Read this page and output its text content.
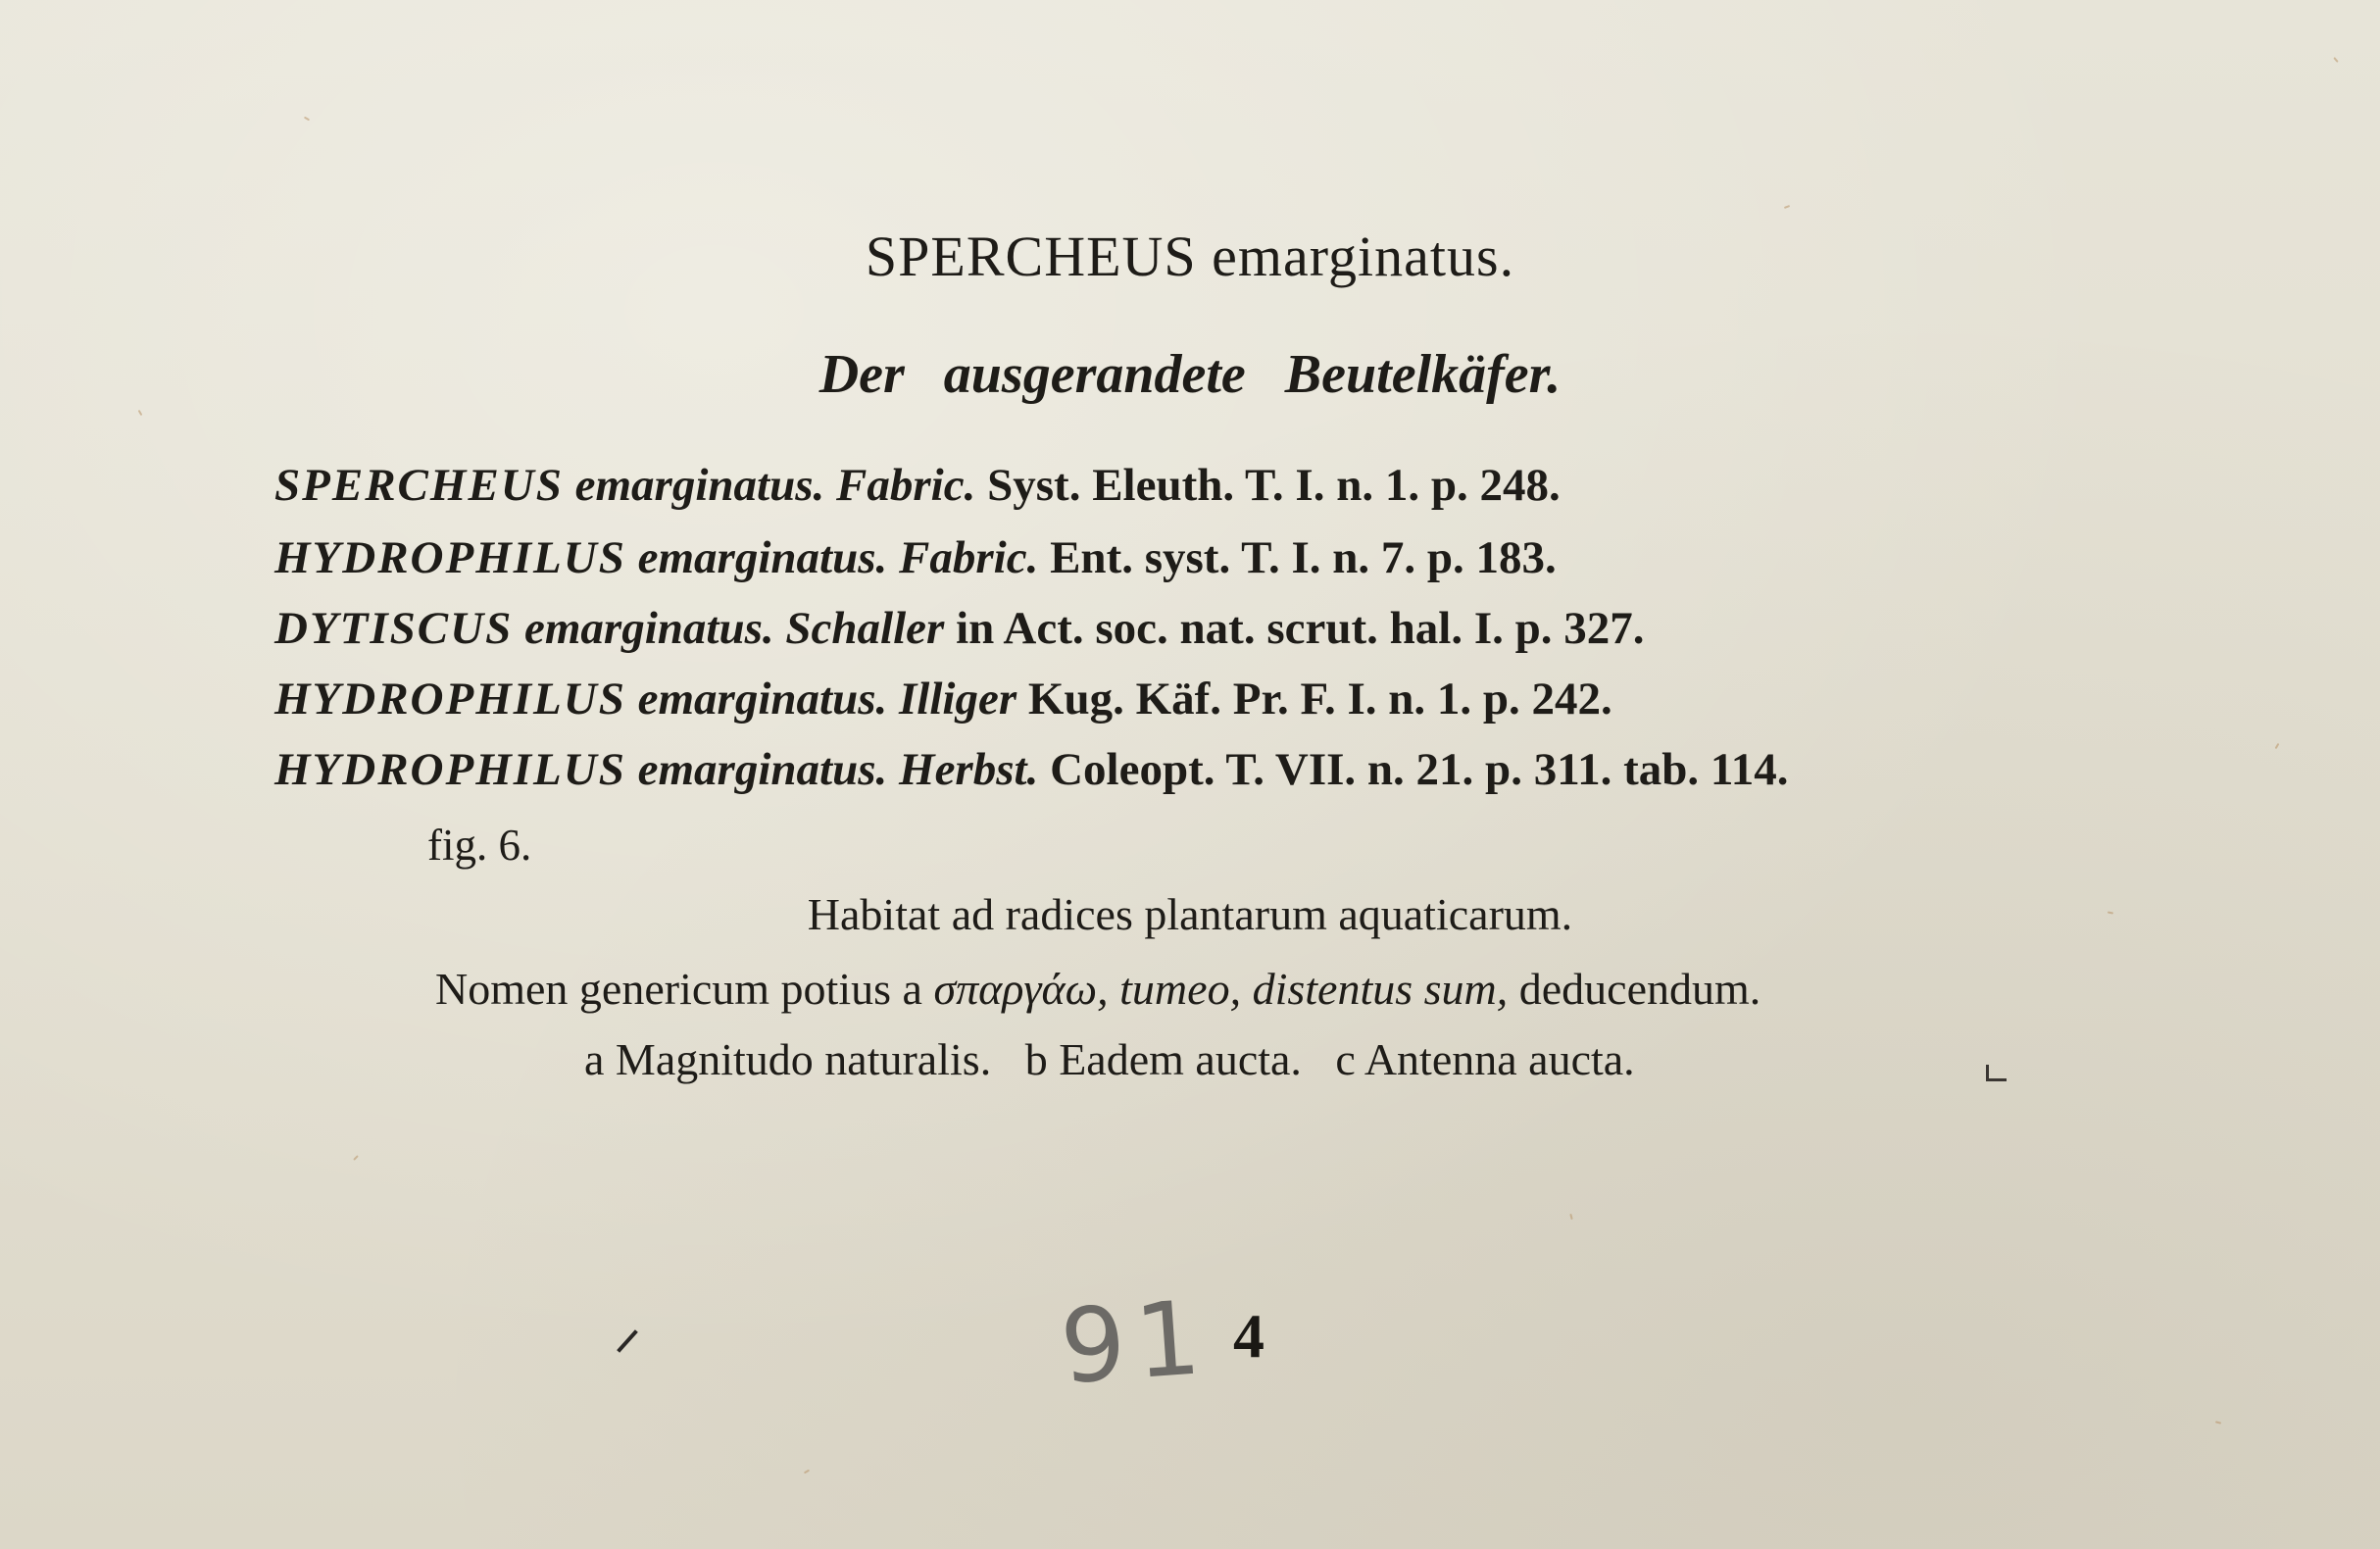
SPERCHEUS emarginatus.
Der ausgerandete Beutelkäfer.
SPERCHEUS emarginatus. Fabric. Syst. Eleuth. T. I. n. 1. p. 248.
HYDROPHILUS emarginatus. Fabric. Ent. syst. T. I. n. 7. p. 183.
DYTISCUS emarginatus. Schaller in Act. soc. nat. scrut. hal. I. p. 327.
HYDROPHILUS emarginatus. Illiger Kug. Käf. Pr. F. I. n. 1. p. 242.
HYDROPHILUS emarginatus. Herbst. Coleopt. T. VII. n. 21. p. 311. tab. 114.
fig. 6.
Habitat ad radices plantarum aquaticarum.
Nomen genericum potius a σπαργάω, tumeo, distentus sum, deducendum.
a Magnitudo naturalis.   b Eadem aucta.   c Antenna aucta.
91 4
